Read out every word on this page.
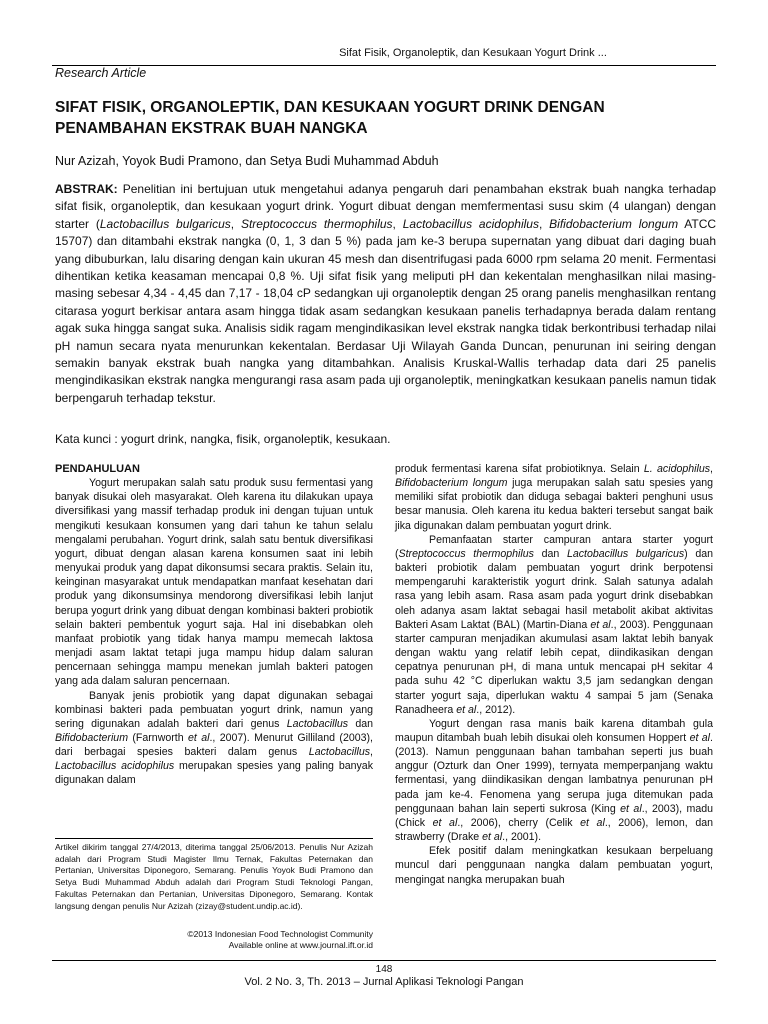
Sifat Fisik, Organoleptik, dan Kesukaan Yogurt Drink ...
Research Article
SIFAT FISIK, ORGANOLEPTIK, DAN KESUKAAN YOGURT DRINK DENGAN PENAMBAHAN EKSTRAK BUAH NANGKA
Nur Azizah, Yoyok Budi Pramono, dan Setya Budi Muhammad Abduh
ABSTRAK: Penelitian ini bertujuan utuk mengetahui adanya pengaruh dari penambahan ekstrak buah nangka terhadap sifat fisik, organoleptik, dan kesukaan yogurt drink. Yogurt dibuat dengan memfermentasi susu skim (4 ulangan) dengan starter (Lactobacillus bulgaricus, Streptococcus thermophilus, Lactobacillus acidophilus, Bifidobacterium longum ATCC 15707) dan ditambahi ekstrak nangka (0, 1, 3 dan 5 %) pada jam ke-3 berupa supernatan yang dibuat dari daging buah yang dibuburkan, lalu disaring dengan kain ukuran 45 mesh dan disentrifugasi pada 6000 rpm selama 20 menit. Fermentasi dihentikan ketika keasaman mencapai 0,8 %. Uji sifat fisik yang meliputi pH dan kekentalan menghasilkan nilai masing-masing sebesar 4,34 - 4,45 dan 7,17 - 18,04 cP sedangkan uji organoleptik dengan 25 orang panelis menghasilkan rentang citarasa yogurt berkisar antara asam hingga tidak asam sedangkan kesukaan panelis terhadapnya berada dalam rentang agak suka hingga sangat suka. Analisis sidik ragam mengindikasikan level ekstrak nangka tidak berkontribusi terhadap nilai pH namun secara nyata menurunkan kekentalan. Berdasar Uji Wilayah Ganda Duncan, penurunan ini seiring dengan semakin banyak ekstrak buah nangka yang ditambahkan. Analisis Kruskal-Wallis terhadap data dari 25 panelis mengindikasikan ekstrak nangka mengurangi rasa asam pada uji organoleptik, meningkatkan kesukaan panelis namun tidak berpengaruh terhadap tekstur.
Kata kunci : yogurt drink, nangka, fisik, organoleptik, kesukaan.

PENDAHULUAN

Yogurt merupakan salah satu produk susu fermentasi yang banyak disukai oleh masyarakat. Oleh karena itu dilakukan upaya diversifikasi yang massif terhadap produk ini dengan tujuan untuk mengikuti kesukaan konsumen yang dari tahun ke tahun selalu mengalami perubahan. Yogurt drink, salah satu bentuk diversifikasi yogurt, dibuat dengan alasan karena konsumen saat ini lebih menyukai produk yang dapat dikonsumsi secara praktis. Selain itu, keinginan masyarakat untuk mendapatkan manfaat kesehatan dari produk yang dikonsumsinya mendorong diversifikasi lebih lanjut berupa yogurt drink yang dibuat dengan kombinasi bakteri probiotik selain bakteri pembentuk yogurt saja. Hal ini disebabkan oleh manfaat probiotik yang tidak hanya mampu memecah laktosa menjadi asam laktat tetapi juga mampu hidup dalam saluran pencernaan sehingga mampu menekan jumlah bakteri patogen yang ada dalam saluran pencernaan.

Banyak jenis probiotik yang dapat digunakan sebagai kombinasi bakteri pada pembuatan yogurt drink, namun yang sering digunakan adalah bakteri dari genus Lactobacillus dan Bifidobacterium (Farnworth et al., 2007). Menurut Gilliland (2003), dari berbagai spesies bakteri dalam genus Lactobacillus, Lactobacillus acidophilus merupakan spesies yang paling banyak digunakan dalam

produk fermentasi karena sifat probiotiknya. Selain L. acidophilus, Bifidobacterium longum juga merupakan salah satu spesies yang memiliki sifat probiotik dan diduga sebagai bakteri penghuni usus besar manusia. Oleh karena itu kedua bakteri tersebut sangat baik jika digunakan dalam pembuatan yogurt drink.

Pemanfaatan starter campuran antara starter yogurt (Streptococcus thermophilus dan Lactobacillus bulgaricus) dan bakteri probiotik dalam pembuatan yogurt drink berpotensi mempengaruhi karakteristik yogurt drink. Salah satunya adalah rasa yang lebih asam. Rasa asam pada yogurt drink disebabkan oleh adanya asam laktat sebagai hasil metabolit akibat aktivitas Bakteri Asam Laktat (BAL) (Martin-Diana et al., 2003). Penggunaan starter campuran menjadikan akumulasi asam laktat lebih banyak dengan waktu yang relatif lebih cepat, diindikasikan dengan cepatnya penurunan pH, di mana untuk mencapai pH sekitar 4 pada suhu 42 °C diperlukan waktu 3,5 jam sedangkan dengan starter yogurt saja, diperlukan waktu 4 sampai 5 jam (Senaka Ranadheera et al., 2012).

Yogurt dengan rasa manis baik karena ditambah gula maupun ditambah buah lebih disukai oleh konsumen Hoppert et al. (2013). Namun penggunaan bahan tambahan seperti jus buah anggur (Ozturk dan Oner 1999), ternyata memperpanjang waktu fermentasi, yang diindikasikan dengan lambatnya penurunan pH pada jam ke-4. Fenomena yang serupa juga ditemukan pada penggunaan bahan lain seperti sukrosa (King et al., 2003), madu (Chick et al., 2006), cherry (Celik et al., 2006), lemon, dan strawberry (Drake et al., 2001).

Efek positif dalam meningkatkan kesukaan berpeluang muncul dari penggunaan nangka dalam pembuatan yogurt, mengingat nangka merupakan buah

Artikel dikirim tanggal 27/4/2013, diterima tanggal 25/06/2013. Penulis Nur Azizah adalah dari Program Studi Magister Ilmu Ternak, Fakultas Peternakan dan Pertanian, Universitas Diponegoro, Semarang. Penulis Yoyok Budi Pramono dan Setya Budi Muhammad Abduh adalah dari Program Studi Teknologi Pangan, Fakultas Peternakan dan Pertanian, Universitas Diponegoro, Semarang. Kontak langsung dengan penulis Nur Azizah (zizay@student.undip.ac.id).
©2013 Indonesian Food Technologist Community
Available online at www.journal.ift.or.id
148
Vol. 2 No. 3, Th. 2013 – Jurnal Aplikasi Teknologi Pangan
